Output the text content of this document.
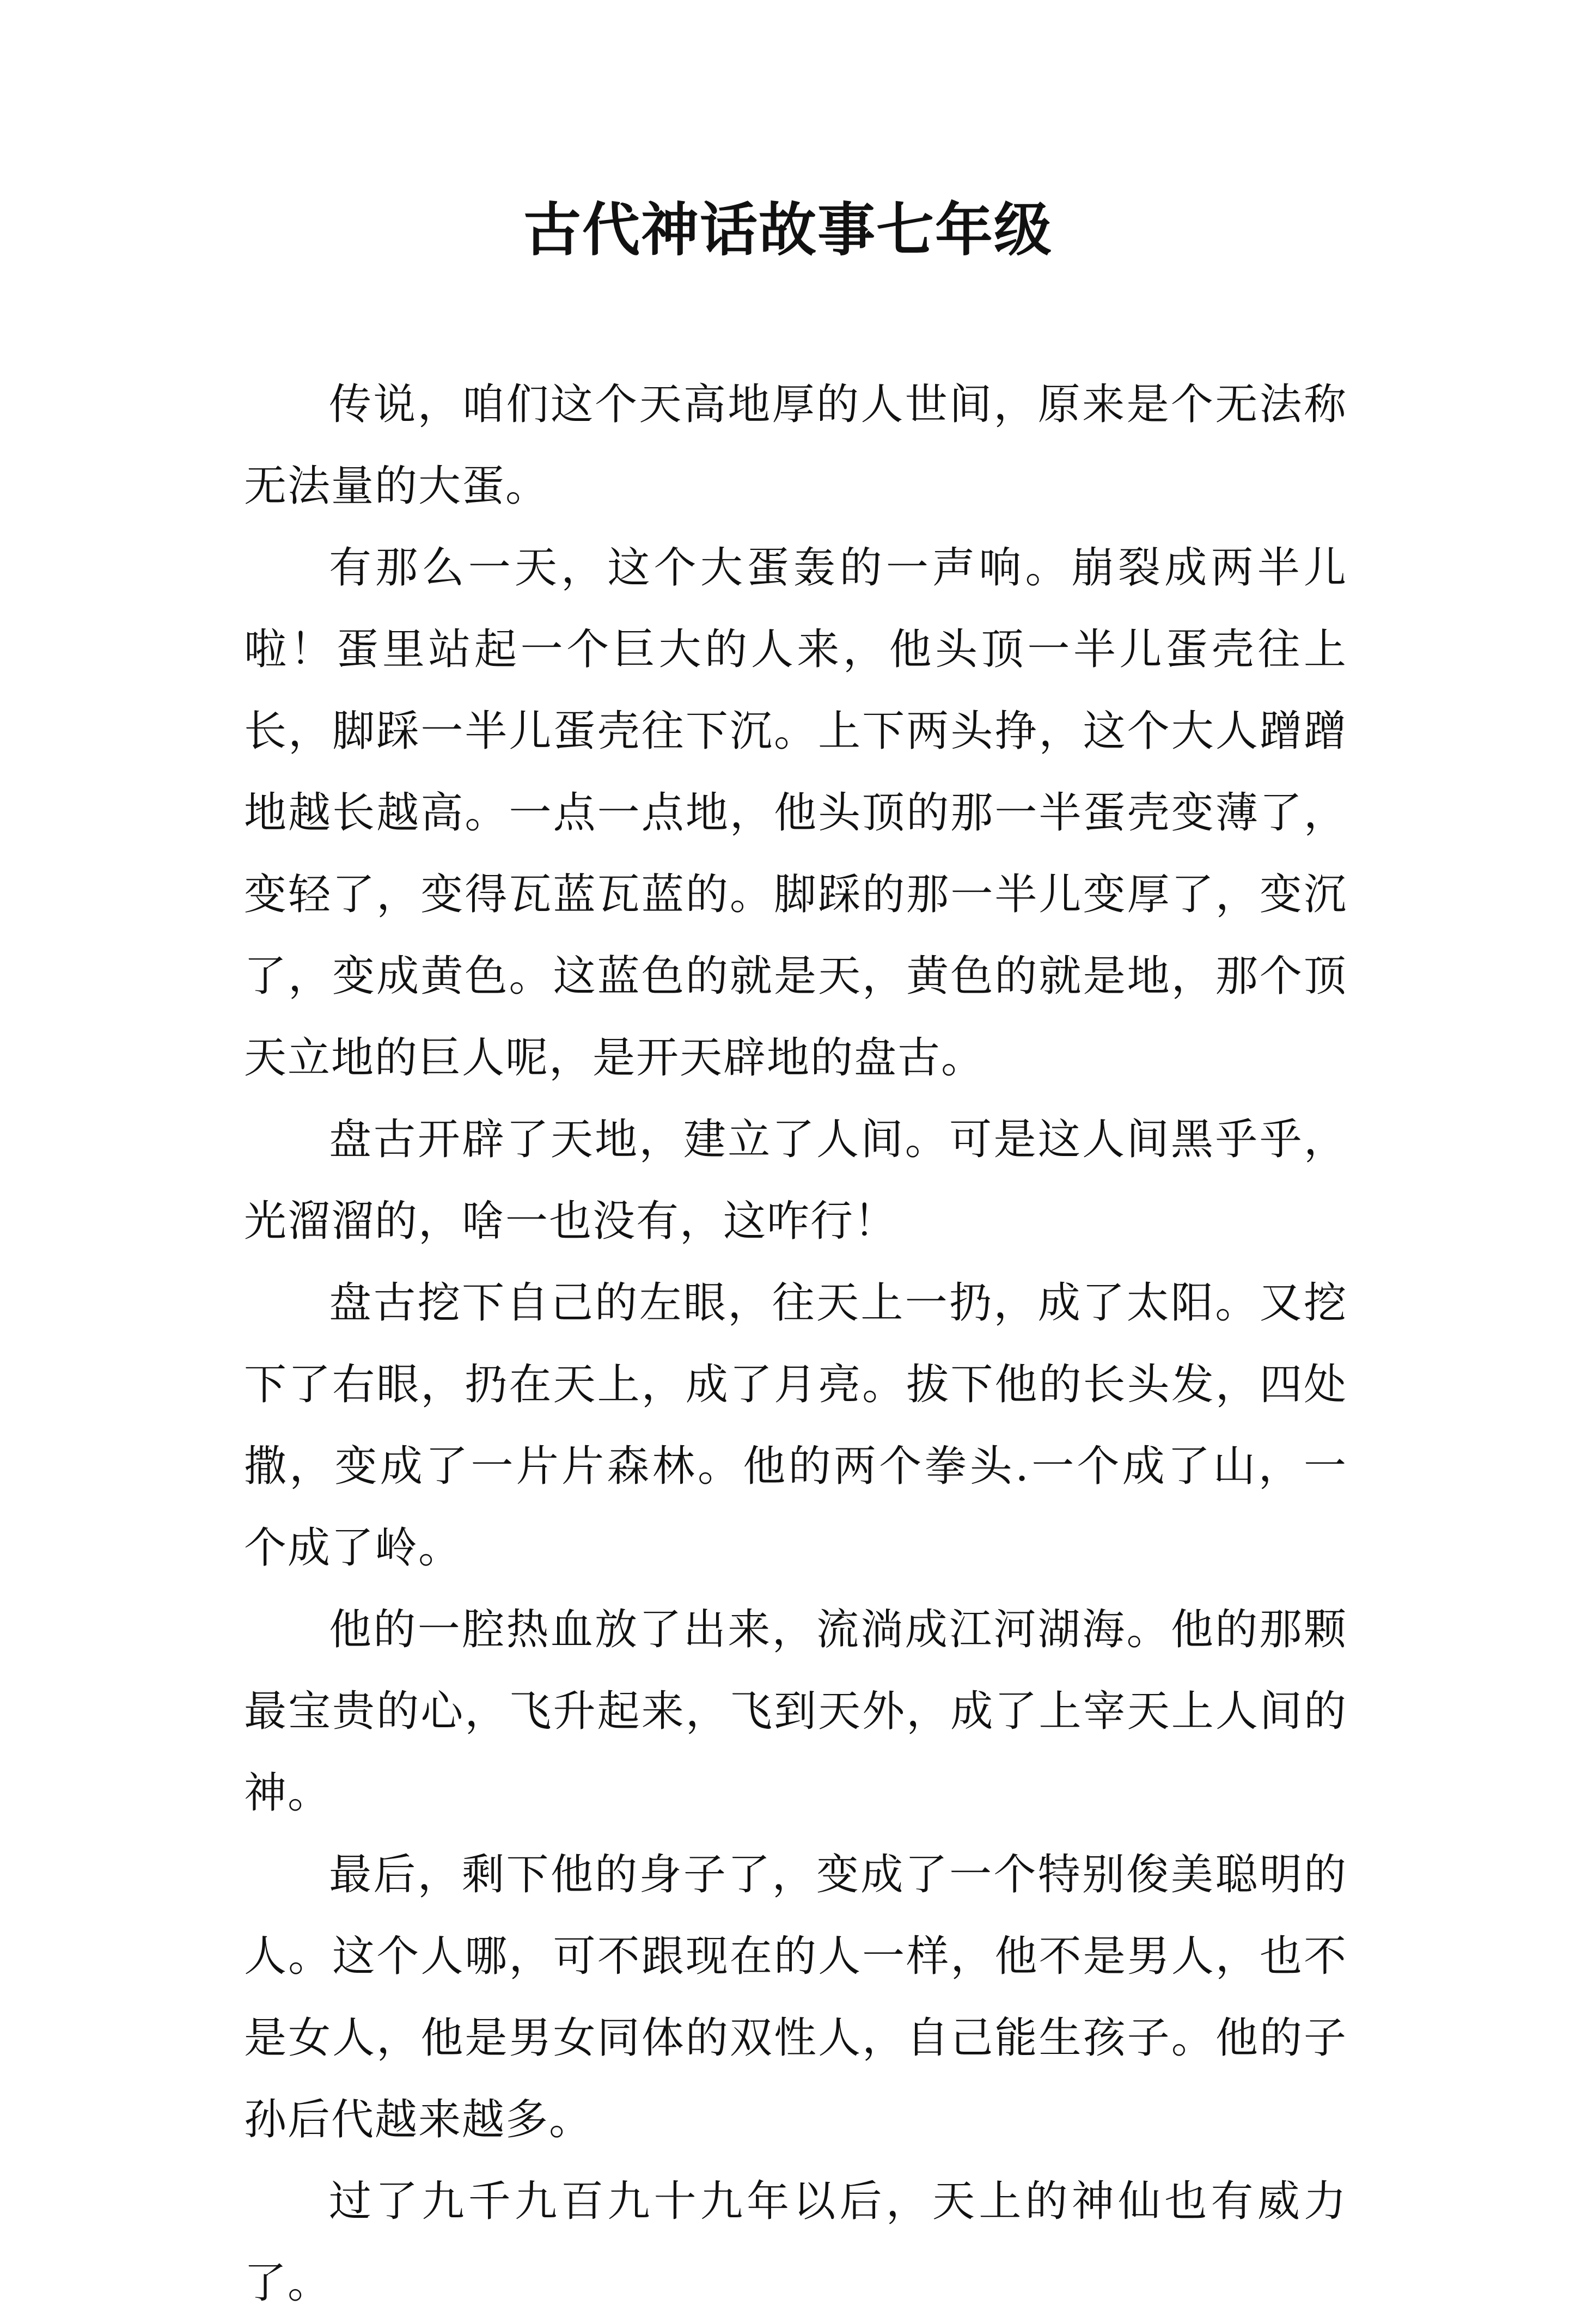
古代神话故事七年级

传说，咱们这个天高地厚的人世间，原来是个无法称无法量的大蛋。

有那么一天，这个大蛋轰的一声响。崩裂成两半儿啦！蛋里站起一个巨大的人来，他头顶一半儿蛋壳往上长，脚踩一半儿蛋壳往下沉。上下两头挣，这个大人蹭蹭地越长越高。一点一点地，他头顶的那一半蛋壳变薄了，变轻了，变得瓦蓝瓦蓝的。脚踩的那一半儿变厚了，变沉了，变成黄色。这蓝色的就是天，黄色的就是地，那个顶天立地的巨人呢，是开天辟地的盘古。

盘古开辟了天地，建立了人间。可是这人间黑乎乎，光溜溜的，啥一也没有，这咋行！

盘古挖下自己的左眼，往天上一扔，成了太阳。又挖下了右眼，扔在天上，成了月亮。拔下他的长头发，四处撒，变成了一片片森林。他的两个拳头.一个成了山，一个成了岭。

他的一腔热血放了出来，流淌成江河湖海。他的那颗最宝贵的心，飞升起来，飞到天外，成了上宰天上人间的神。

最后，剩下他的身子了，变成了一个特别俊美聪明的人。这个人哪，可不跟现在的人一样，他不是男人，也不是女人，他是男女同体的双性人，自己能生孩子。他的子孙后代越来越多。

过了九千九百九十九年以后，天上的神仙也有威力了。
